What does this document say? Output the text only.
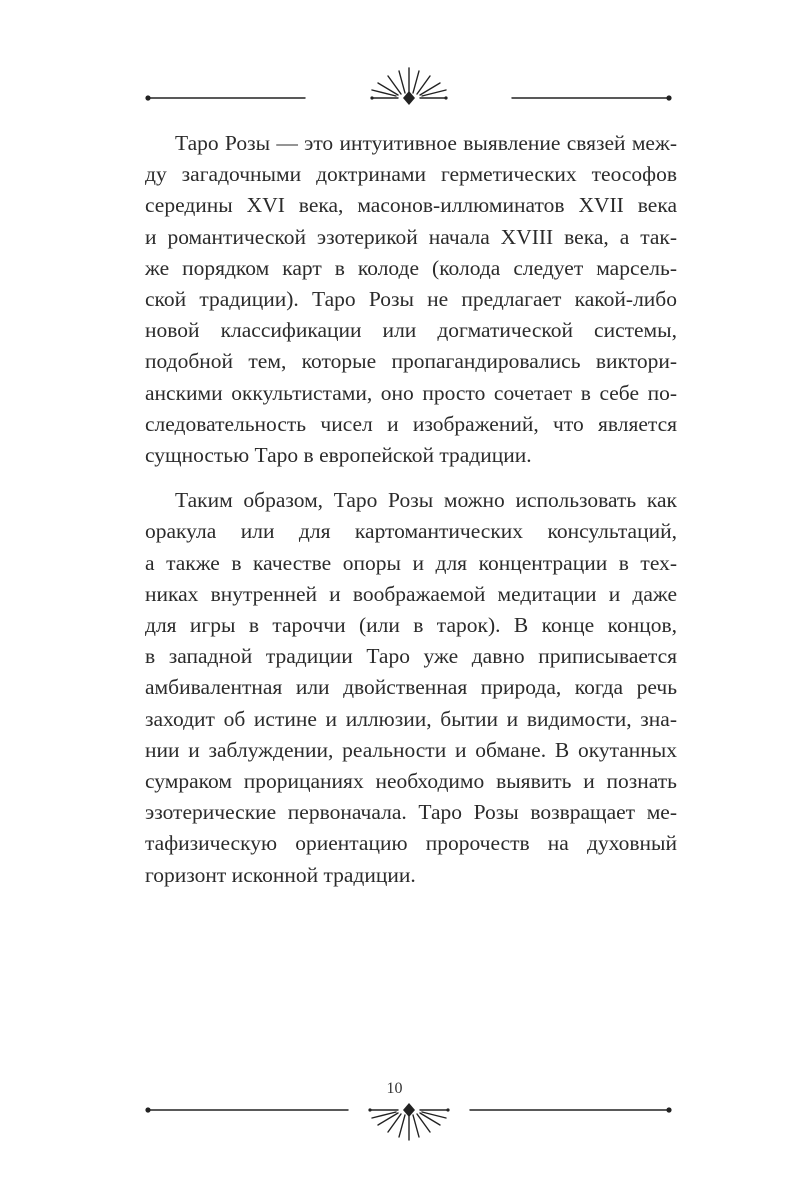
Таро Розы — это интуитивное выявление связей меж-
ду загадочными доктринами герметических теософов
середины XVI века, масонов-иллюминатов XVII века
и романтической эзотерикой начала XVIII века, а так-
же порядком карт в колоде (колода следует марсель-
ской традиции). Таро Розы не предлагает какой-либо
новой классификации или догматической системы,
подобной тем, которые пропагандировались виктори-
анскими оккультистами, оно просто сочетает в себе по-
следовательность чисел и изображений, что является
сущностью Таро в европейской традиции.

Таким образом, Таро Розы можно использовать как
оракула или для картомантических консультаций,
а также в качестве опоры и для концентрации в тех-
никах внутренней и воображаемой медитации и даже
для игры в тароччи (или в тарок). В конце концов,
в западной традиции Таро уже давно приписывается
амбивалентная или двойственная природа, когда речь
заходит об истине и иллюзии, бытии и видимости, зна-
нии и заблуждении, реальности и обмане. В окутанных
сумраком прорицаниях необходимо выявить и познать
эзотерические первоначала. Таро Розы возвращает ме-
тафизическую ориентацию пророчеств на духовный
горизонт исконной традиции.

10
